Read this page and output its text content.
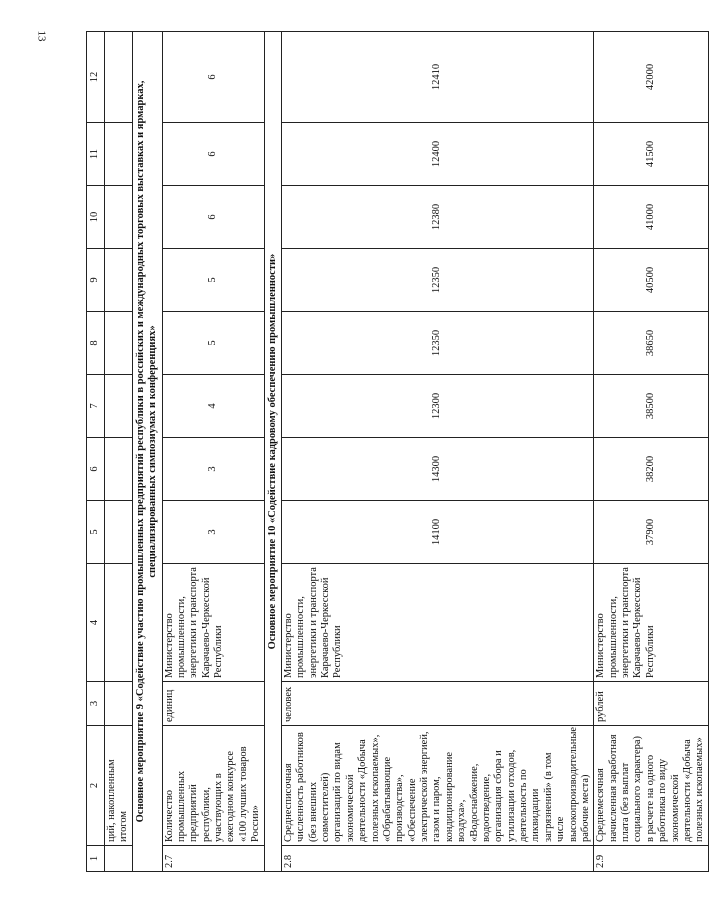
13
1	2	3	4	5	6	7	8	9	10	11	12
	ций, накопленным итогом										
Основное мероприятие 9 «Содействие участию промышленных предприятий республики в российских и международных торговых выставках и ярмарках, специализированных симпозиумах и конференциях»											
2.7	Количество промышленных предприятий республики, участвующих в ежегодном конкурсе «100 лучших товаров России»	единиц	Министерство промышленности, энергетики и транспорта Карачаево-Черкесской Республики	3	3	4	5	5	6	6	6
Основное мероприятие 10 «Содействие кадровому обеспечению промышленности»											
2.8	Среднесписочная численность работников (без внешних совместителей) организаций по видам экономической деятельности «Добыча полезных ископаемых», «Обрабатывающие производства», «Обеспечение электрической энергией, газом и паром, кондиционирование воздуха», «Водоснабжение, водоотведение, организация сбора и утилизации отходов, деятельность по ликвидации загрязнений» (в том числе высокопроизводительные рабочие места)	человек	Министерство промышленности, энергетики и транспорта Карачаево-Черкесской Республики	14100	14300	12300	12350	12350	12380	12400	12410
2.9	Среднемесячная начисленная заработная плата (без выплат социального характера) в расчете на одного работника по виду экономической деятельности «Добыча полезных ископаемых»	рублей	Министерство промышленности, энергетики и транспорта Карачаево-Черкесской Республики	37900	38200	38500	38650	40500	41000	41500	42000
